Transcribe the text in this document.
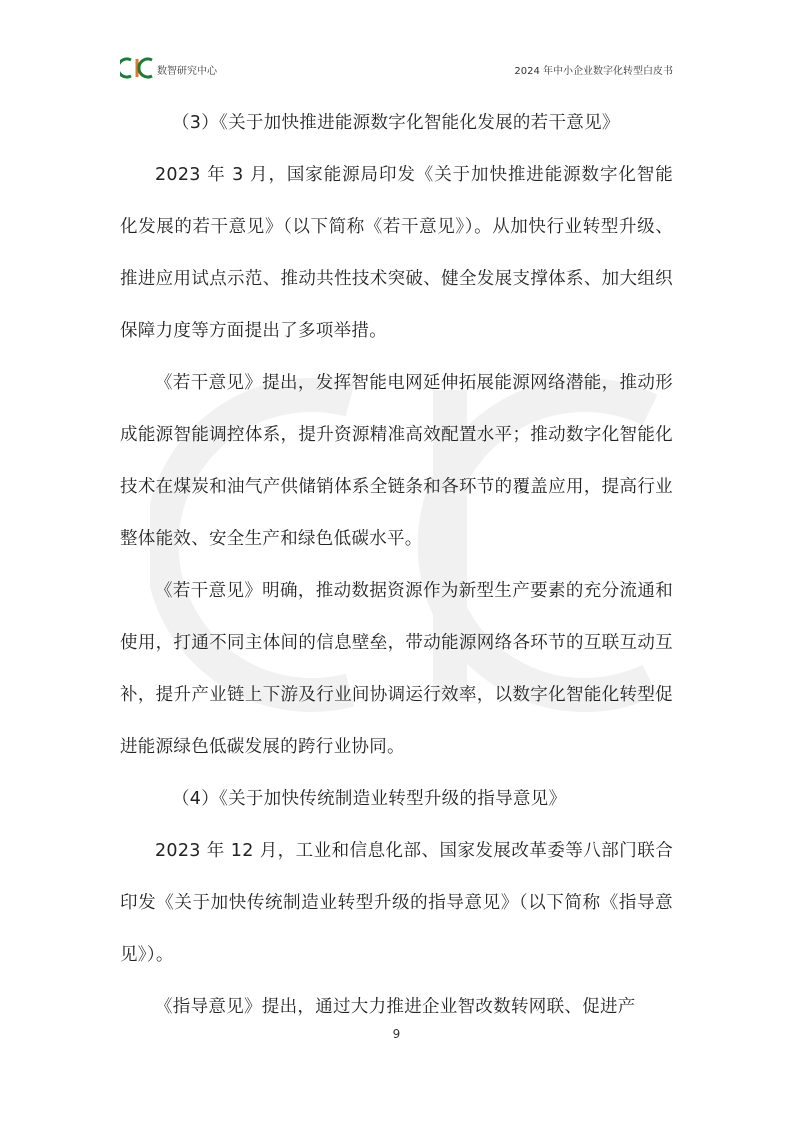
数智研究中心	2024 年中小企业数字化转型白皮书

（3）《关于加快推进能源数字化智能化发展的若干意见》

2023 年 3 月，国家能源局印发《关于加快推进能源数字化智能化发展的若干意见》（以下简称《若干意见》）。从加快行业转型升级、推进应用试点示范、推动共性技术突破、健全发展支撑体系、加大组织保障力度等方面提出了多项举措。

《若干意见》提出，发挥智能电网延伸拓展能源网络潜能，推动形成能源智能调控体系，提升资源精准高效配置水平；推动数字化智能化技术在煤炭和油气产供储销体系全链条和各环节的覆盖应用，提高行业整体能效、安全生产和绿色低碳水平。

《若干意见》明确，推动数据资源作为新型生产要素的充分流通和使用，打通不同主体间的信息壁垒，带动能源网络各环节的互联互动互补，提升产业链上下游及行业间协调运行效率，以数字化智能化转型促进能源绿色低碳发展的跨行业协同。

（4）《关于加快传统制造业转型升级的指导意见》

2023 年 12 月，工业和信息化部、国家发展改革委等八部门联合印发《关于加快传统制造业转型升级的指导意见》（以下简称《指导意见》）。

《指导意见》提出，通过大力推进企业智改数转网联、促进产

9
